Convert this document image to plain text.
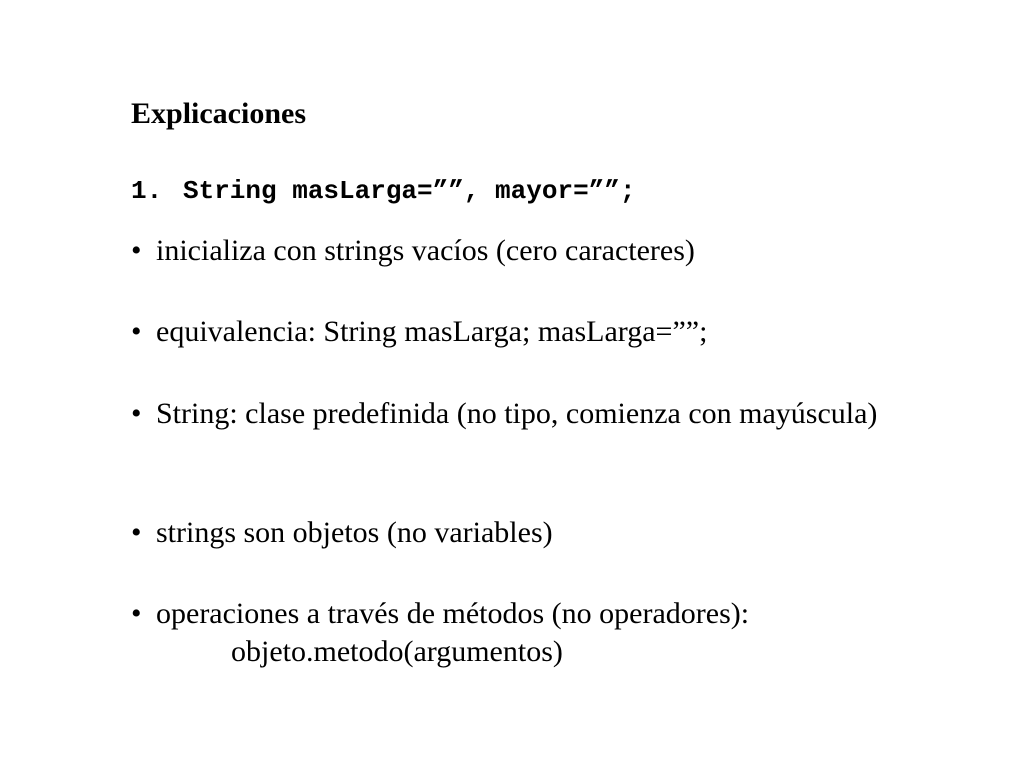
Explicaciones
1. String masLarga=””, mayor=””;
• inicializa con strings vacíos (cero caracteres)
• equivalencia: String masLarga; masLarga=””;
• String: clase predefinida (no tipo, comienza con mayúscula)
• strings son objetos (no variables)
• operaciones a través de métodos (no operadores):
objeto.metodo(argumentos)
